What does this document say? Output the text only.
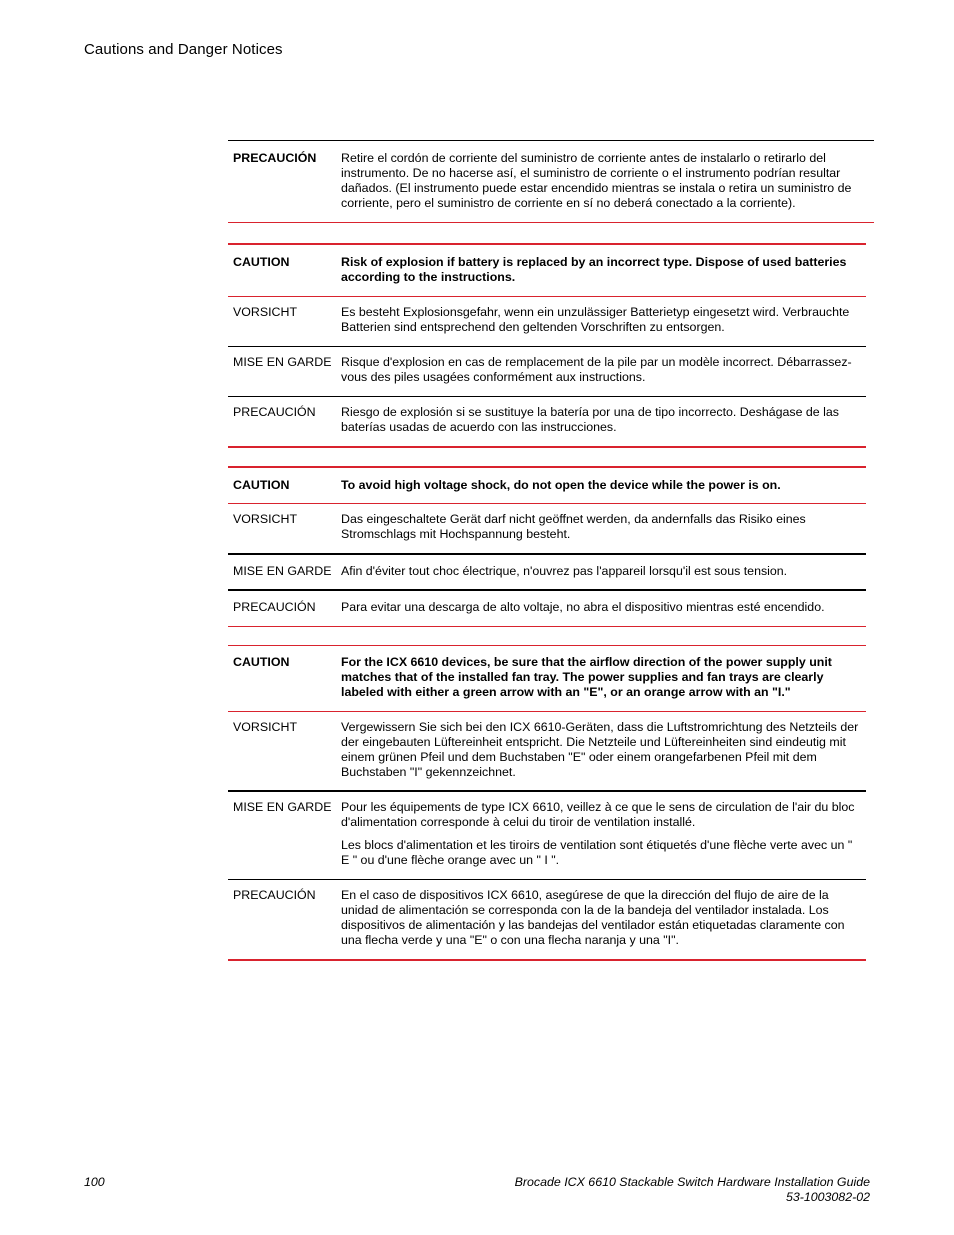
Cautions and Danger Notices
PRECAUCIÓN	Retire el cordón de corriente del suministro de corriente antes de instalarlo o retirarlo del instrumento. De no hacerse así, el suministro de corriente o el instrumento podrían resultar dañados. (El instrumento puede estar encendido mientras se instala o retira un suministro de corriente, pero el suministro de corriente en sí no deberá conectado a la corriente).

CAUTION	Risk of explosion if battery is replaced by an incorrect type. Dispose of used batteries according to the instructions.

VORSICHT	Es besteht Explosionsgefahr, wenn ein unzulässiger Batterietyp eingesetzt wird. Verbrauchte Batterien sind entsprechend den geltenden Vorschriften zu entsorgen.

MISE EN GARDE	Risque d'explosion en cas de remplacement de la pile par un modèle incorrect. Débarrassez-vous des piles usagées conformément aux instructions.

PRECAUCIÓN	Riesgo de explosión si se sustituye la batería por una de tipo incorrecto. Deshágase de las baterías usadas de acuerdo con las instrucciones.

CAUTION	To avoid high voltage shock, do not open the device while the power is on.

VORSICHT	Das eingeschaltete Gerät darf nicht geöffnet werden, da andernfalls das Risiko eines Stromschlags mit Hochspannung besteht.

MISE EN GARDE	Afin d'éviter tout choc électrique, n'ouvrez pas l'appareil lorsqu'il est sous tension.

PRECAUCIÓN	Para evitar una descarga de alto voltaje, no abra el dispositivo mientras esté encendido.

CAUTION	For the ICX 6610 devices, be sure that the airflow direction of the power supply unit matches that of the installed fan tray. The power supplies and fan trays are clearly labeled with either a green arrow with an "E", or an orange arrow with an "I."

VORSICHT	Vergewissern Sie sich bei den ICX 6610-Geräten, dass die Luftstromrichtung des Netzteils der der eingebauten Lüftereinheit entspricht. Die Netzteile und Lüftereinheiten sind eindeutig mit einem grünen Pfeil und dem Buchstaben "E" oder einem orangefarbenen Pfeil mit dem Buchstaben "I" gekennzeichnet.

MISE EN GARDE	Pour les équipements de type ICX 6610, veillez à ce que le sens de circulation de l'air du bloc d'alimentation corresponde à celui du tiroir de ventilation installé.

Les blocs d'alimentation et les tiroirs de ventilation sont étiquetés d'une flèche verte avec un " E " ou d'une flèche orange avec un " I ".

PRECAUCIÓN	En el caso de dispositivos ICX 6610, asegúrese de que la dirección del flujo de aire de la unidad de alimentación se corresponda con la de la bandeja del ventilador instalada. Los dispositivos de alimentación y las bandejas del ventilador están etiquetadas claramente con una flecha verde y una "E" o con una flecha naranja y una "I".

100	Brocade ICX 6610 Stackable Switch Hardware Installation Guide
53-1003082-02
